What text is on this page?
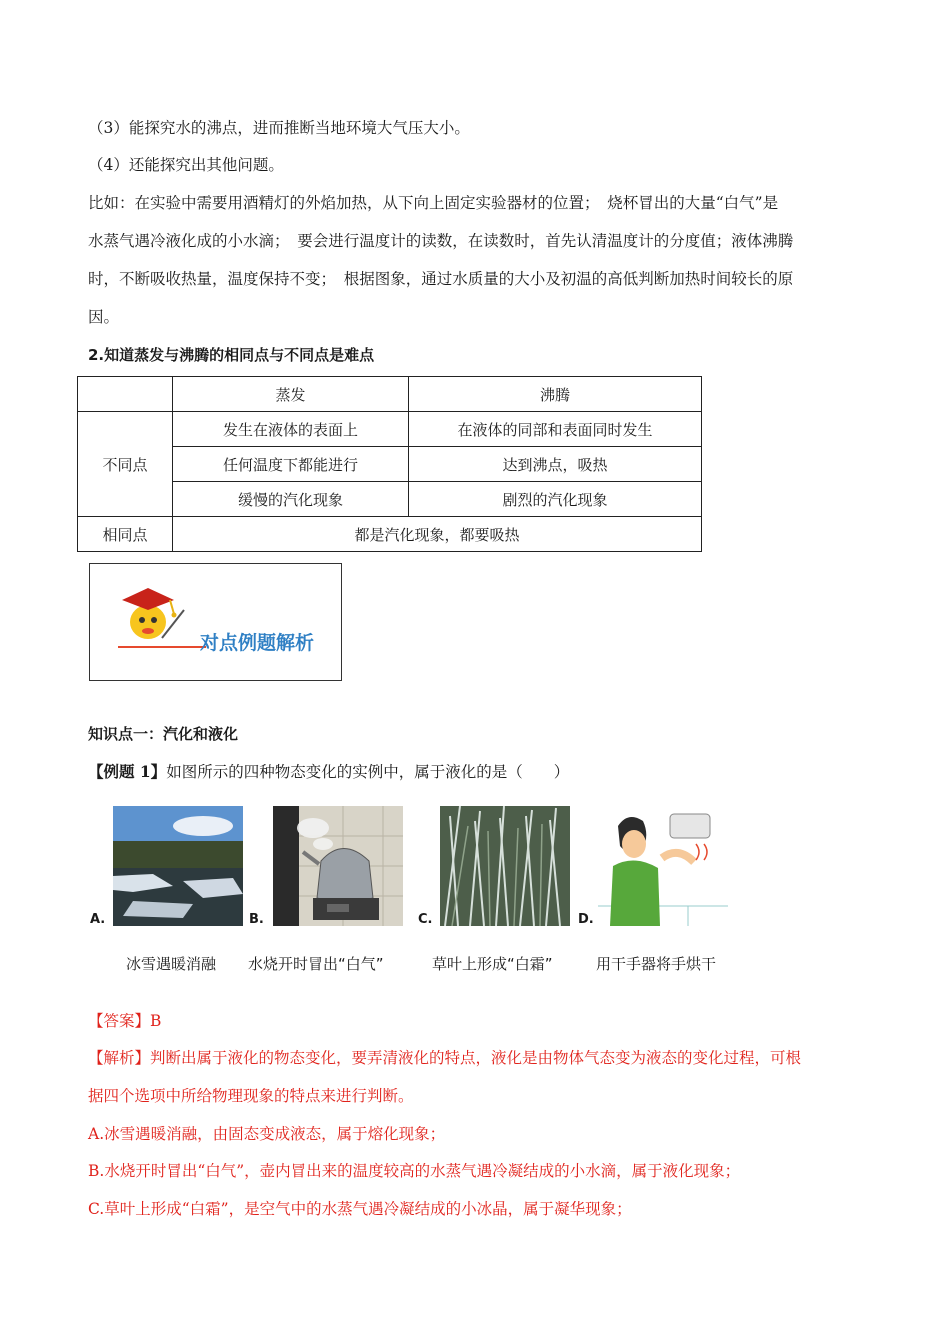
（3）能探究水的沸点，进而推断当地环境大气压大小。
（4）还能探究出其他问题。
比如：在实验中需要用酒精灯的外焰加热，从下向上固定实验器材的位置；　烧杯冒出的大量“白气”是
水蒸气遇冷液化成的小水滴；　要会进行温度计的读数，在读数时，首先认清温度计的分度值；液体沸腾
时，不断吸收热量，温度保持不变；　根据图象，通过水质量的大小及初温的高低判断加热时间较长的原
因。
2.知道蒸发与沸腾的相同点与不同点是难点
	蒸发	沸腾
不同点	发生在液体的表面上	在液体的同部和表面同时发生
	任何温度下都能进行	达到沸点，吸热
	缓慢的汽化现象	剧烈的汽化现象
相同点	都是汽化现象，都要吸热	
对点例题解析
知识点一：汽化和液化
【例题 1】如图所示的四种物态变化的实例中，属于液化的是（　　）
A.	B.	C.	D.
冰雪遇暖消融 水烧开时冒出“白气”	草叶上形成“白霜”	用干手器将手烘干
【答案】B
【解析】判断出属于液化的物态变化，要弄清液化的特点，液化是由物体气态变为液态的变化过程，可根
据四个选项中所给物理现象的特点来进行判断。
A.冰雪遇暖消融，由固态变成液态，属于熔化现象；
B.水烧开时冒出“白气”，壶内冒出来的温度较高的水蒸气遇冷凝结成的小水滴，属于液化现象；
C.草叶上形成“白霜”，是空气中的水蒸气遇冷凝结成的小冰晶，属于凝华现象；
